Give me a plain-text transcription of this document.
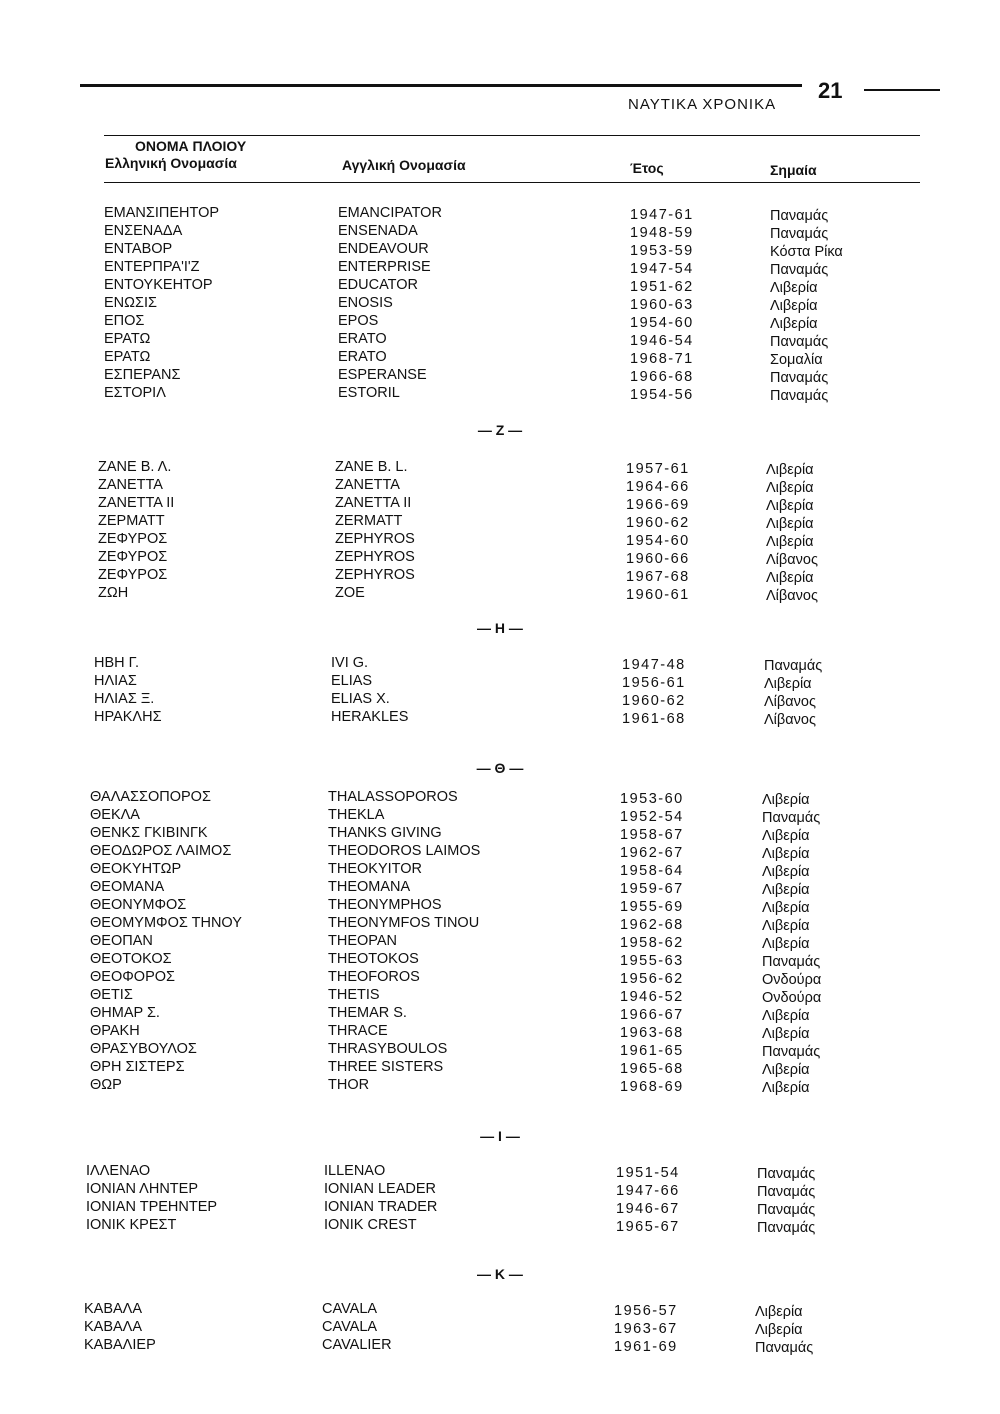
ΝΑΥΤΙΚΑ ΧΡΟΝΙΚΑ
21
ΟΝΟΜΑ ΠΛΟΙΟΥ
Ελληνική Ονομασία	Αγγλική Ονομασία	Έτος	Σημαία
— Ζ —
— Η —
— Θ —
— Ι —
— Κ —
ΕΜΑΝΣΙΠΕΗΤΟΡ	EMANCIPATOR	1947-61	Παναμάς
ΕΝΣΕΝΑΔΑ	ENSENADA	1948-59	Παναμάς
ΕΝΤΑΒΟΡ	ENDEAVOUR	1953-59	Κόστα Ρίκα
ΕΝΤΕΡΠΡΑ'Ι'Ζ	ENTERPRISE	1947-54	Παναμάς
ΕΝΤΟΥΚΕΗΤΟΡ	EDUCATOR	1951-62	Λιβερία
ΕΝΩΣΙΣ	ENOSIS	1960-63	Λιβερία
ΕΠΟΣ	EPOS	1954-60	Λιβερία
ΕΡΑΤΩ	ERATO	1946-54	Παναμάς
ΕΡΑΤΩ	ERATO	1968-71	Σομαλία
ΕΣΠΕΡΑΝΣ	ESPERANSE	1966-68	Παναμάς
ΕΣΤΟΡΙΛ	ESTORIL	1954-56	Παναμάς
ΖΑΝΕ Β. Λ.	ZANE B. L.	1957-61	Λιβερία
ΖΑΝΕΤΤΑ	ZANETTA	1964-66	Λιβερία
ΖΑΝΕΤΤΑ ΙΙ	ZANETTA II	1966-69	Λιβερία
ΖΕΡΜΑΤΤ	ZERMATT	1960-62	Λιβερία
ΖΕΦΥΡΟΣ	ZEPHYROS	1954-60	Λιβερία
ΖΕΦΥΡΟΣ	ZEPHYROS	1960-66	Λίβανος
ΖΕΦΥΡΟΣ	ZEPHYROS	1967-68	Λιβερία
ΖΩΗ	ZOE	1960-61	Λίβανος
ΗΒΗ Γ.	IVI G.	1947-48	Παναμάς
ΗΛΙΑΣ	ELIAS	1956-61	Λιβερία
ΗΛΙΑΣ Ξ.	ELIAS X.	1960-62	Λίβανος
ΗΡΑΚΛΗΣ	HERAKLES	1961-68	Λίβανος
ΘΑΛΑΣΣΟΠΟΡΟΣ	THALASSOPOROS	1953-60	Λιβερία
ΘΕΚΛΑ	THEKLA	1952-54	Παναμάς
ΘΕΝΚΣ ΓΚΙΒΙΝΓΚ	THANKS GIVING	1958-67	Λιβερία
ΘΕΟΔΩΡΟΣ ΛΑΙΜΟΣ	THEODOROS LAIMOS	1962-67	Λιβερία
ΘΕΟΚΥΗΤΩΡ	THEOKYITOR	1958-64	Λιβερία
ΘΕΟΜΑΝΑ	THEOMANA	1959-67	Λιβερία
ΘΕΟΝΥΜΦΟΣ	THEONYMPHOS	1955-69	Λιβερία
ΘΕΟΜΥΜΦΟΣ ΤΗΝΟΥ	THEONYMFOS TINOU	1962-68	Λιβερία
ΘΕΟΠΑΝ	THEOPAN	1958-62	Λιβερία
ΘΕΟΤΟΚΟΣ	THEOTOKOS	1955-63	Παναμάς
ΘΕΟΦΟΡΟΣ	THEOFOROS	1956-62	Ονδούρα
ΘΕΤΙΣ	THETIS	1946-52	Ονδούρα
ΘΗΜΑΡ Σ.	THEMAR S.	1966-67	Λιβερία
ΘΡΑΚΗ	THRACE	1963-68	Λιβερία
ΘΡΑΣΥΒΟΥΛΟΣ	THRASYBOULOS	1961-65	Παναμάς
ΘΡΗ ΣΙΣΤΕΡΣ	THREE SISTERS	1965-68	Λιβερία
ΘΩΡ	THOR	1968-69	Λιβερία
ΙΛΛΕΝΑΟ	ILLENAO	1951-54	Παναμάς
ΙΟΝΙΑΝ ΛΗΝΤΕΡ	IONIAN LEADER	1947-66	Παναμάς
ΙΟΝΙΑΝ ΤΡΕΗΝΤΕΡ	IONIAN TRADER	1946-67	Παναμάς
ΙΟΝΙΚ ΚΡΕΣΤ	IONIK CREST	1965-67	Παναμάς
ΚΑΒΑΛΑ	CAVALA	1956-57	Λιβερία
ΚΑΒΑΛΑ	CAVALA	1963-67	Λιβερία
ΚΑΒΑΛΙΕΡ	CAVALIER	1961-69	Παναμάς
